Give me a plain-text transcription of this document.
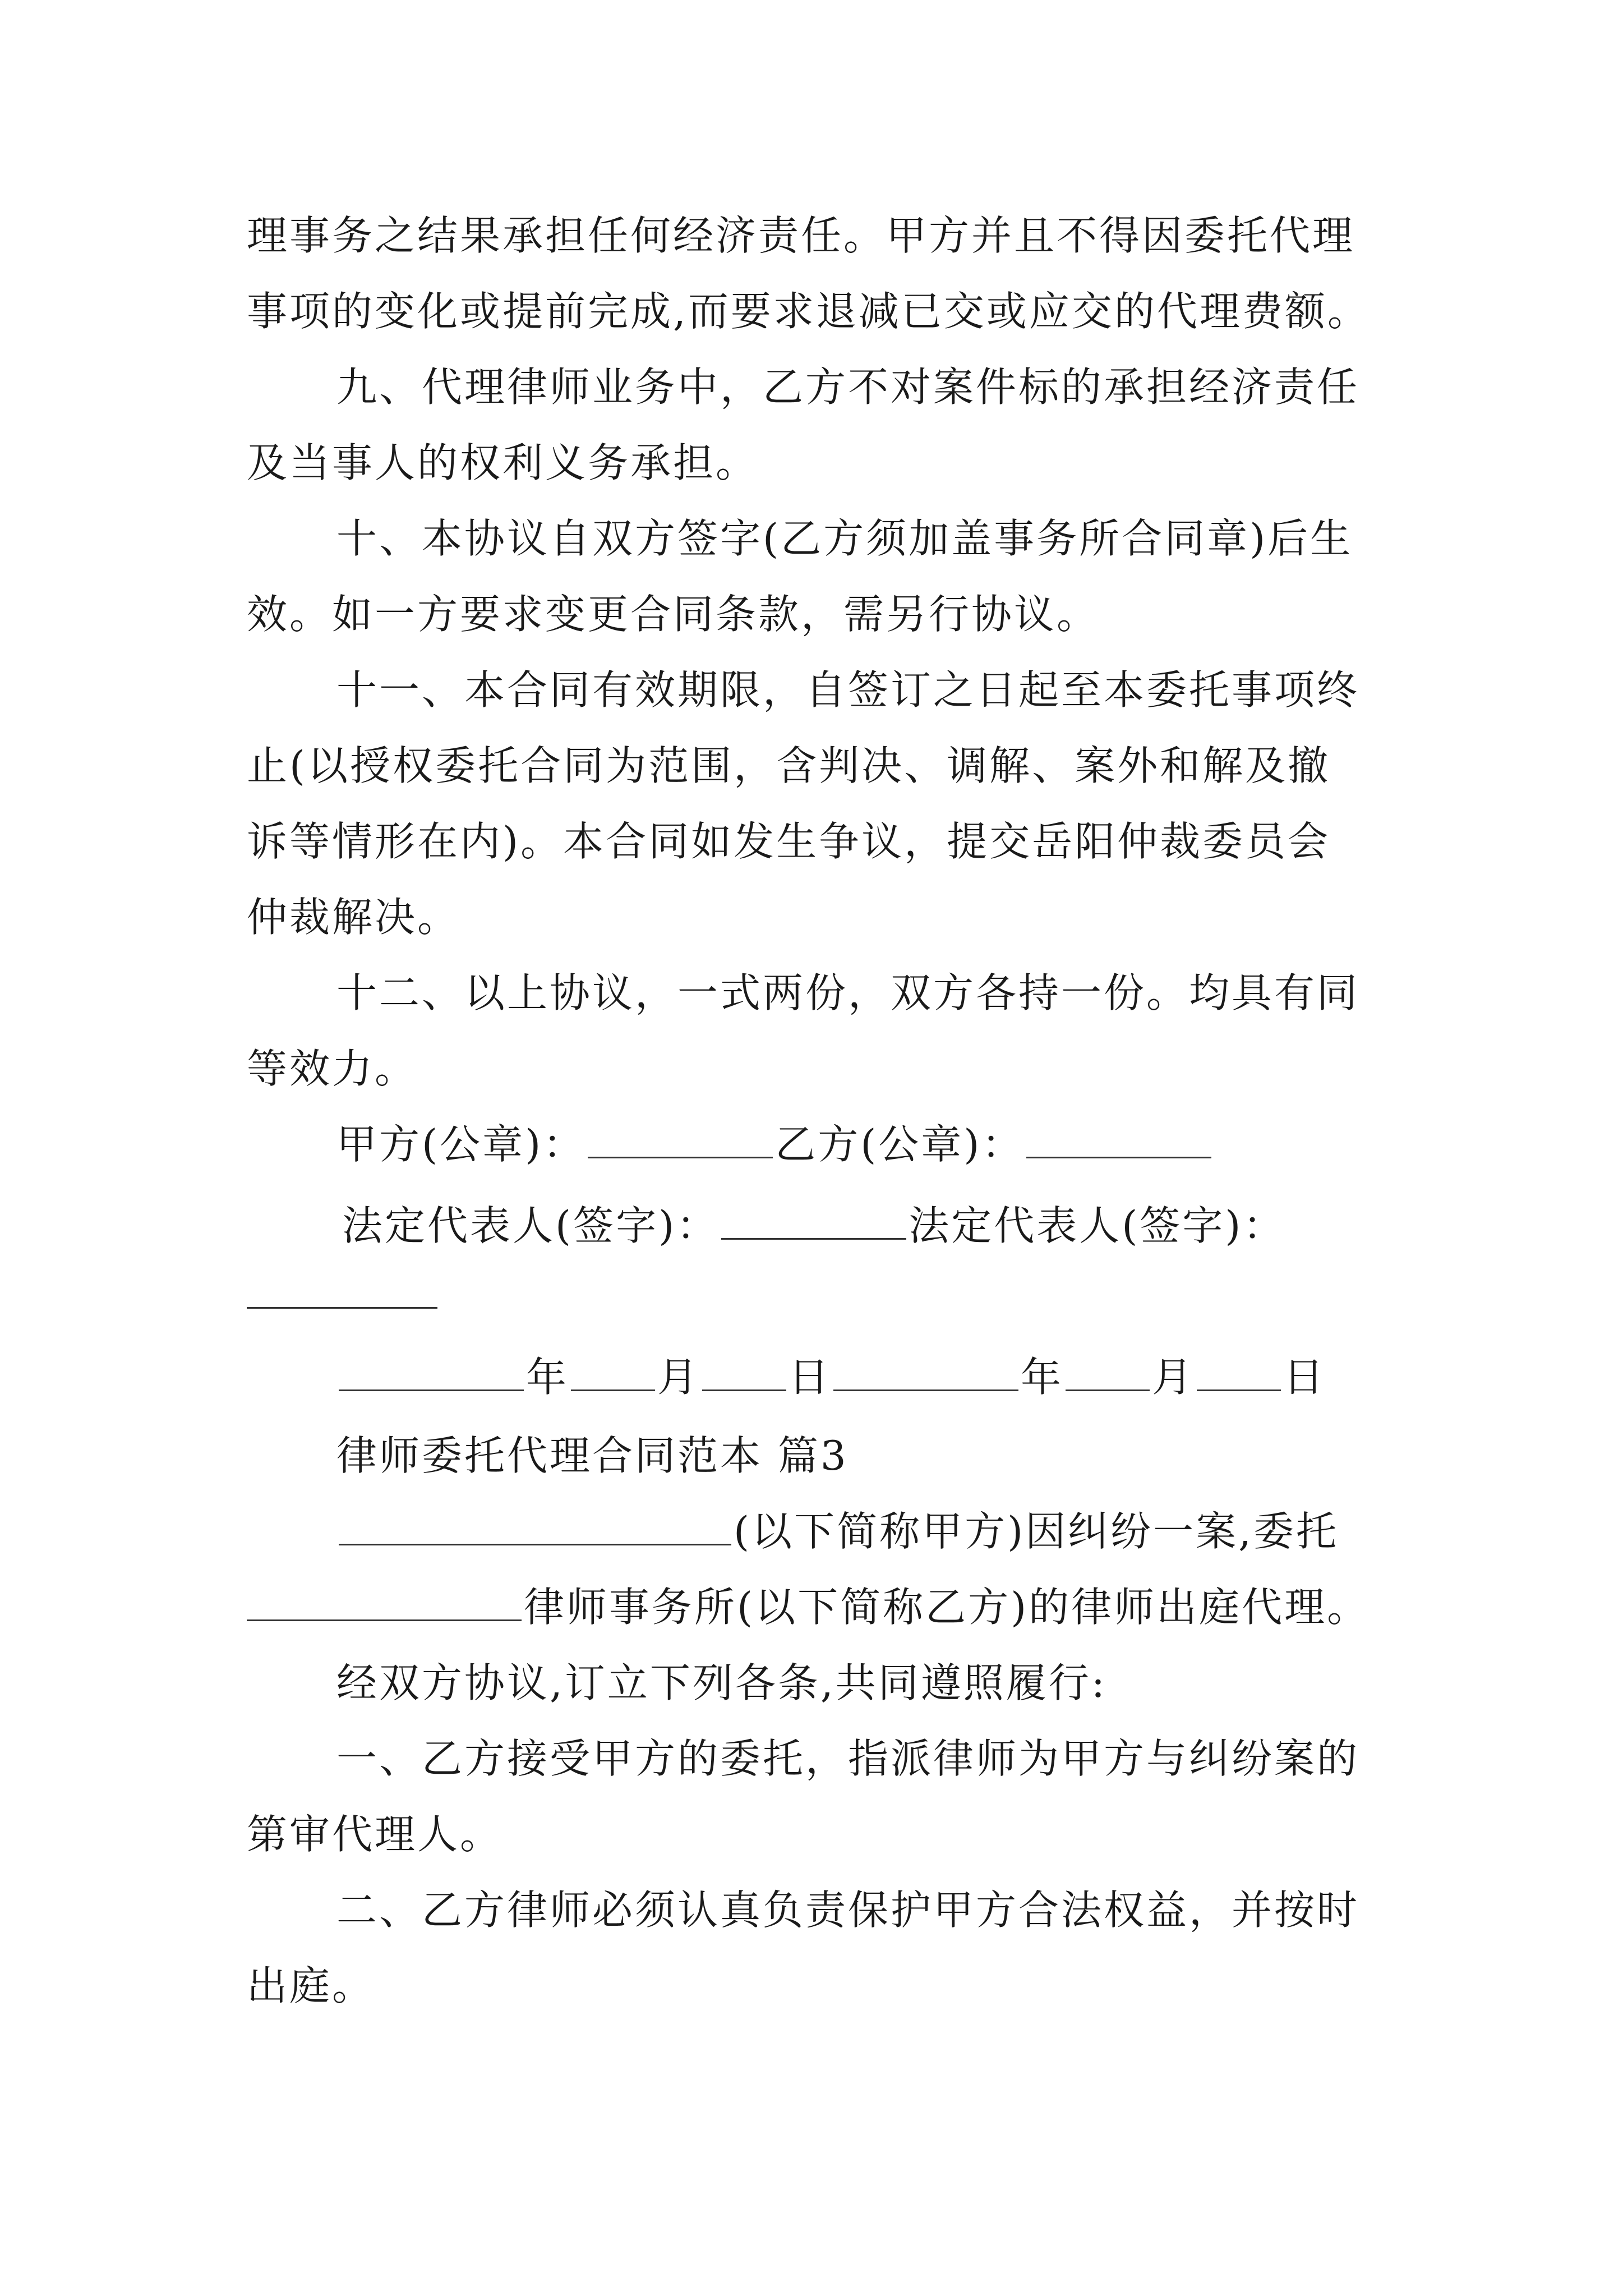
理事务之结果承担任何经济责任。甲方并且不得因委托代理
事项的变化或提前完成,而要求退减已交或应交的代理费额。
九、代理律师业务中，乙方不对案件标的承担经济责任
及当事人的权利义务承担。
十、本协议自双方签字(乙方须加盖事务所合同章)后生
效。如一方要求变更合同条款，需另行协议。
十一、本合同有效期限，自签订之日起至本委托事项终
止(以授权委托合同为范围，含判决、调解、案外和解及撤
诉等情形在内)。本合同如发生争议，提交岳阳仲裁委员会
仲裁解决。
十二、以上协议，一式两份，双方各持一份。均具有同
等效力。
甲方(公章)：	乙方(公章)：
法定代表人(签字)：	法定代表人(签字)：
年 月 日	年 月 日
律师委托代理合同范本 篇3
(以下简称甲方)因纠纷一案,委托
律师事务所(以下简称乙方)的律师出庭代理。
经双方协议,订立下列各条,共同遵照履行:
一、乙方接受甲方的委托，指派律师为甲方与纠纷案的
第审代理人。
二、乙方律师必须认真负责保护甲方合法权益，并按时
出庭。
